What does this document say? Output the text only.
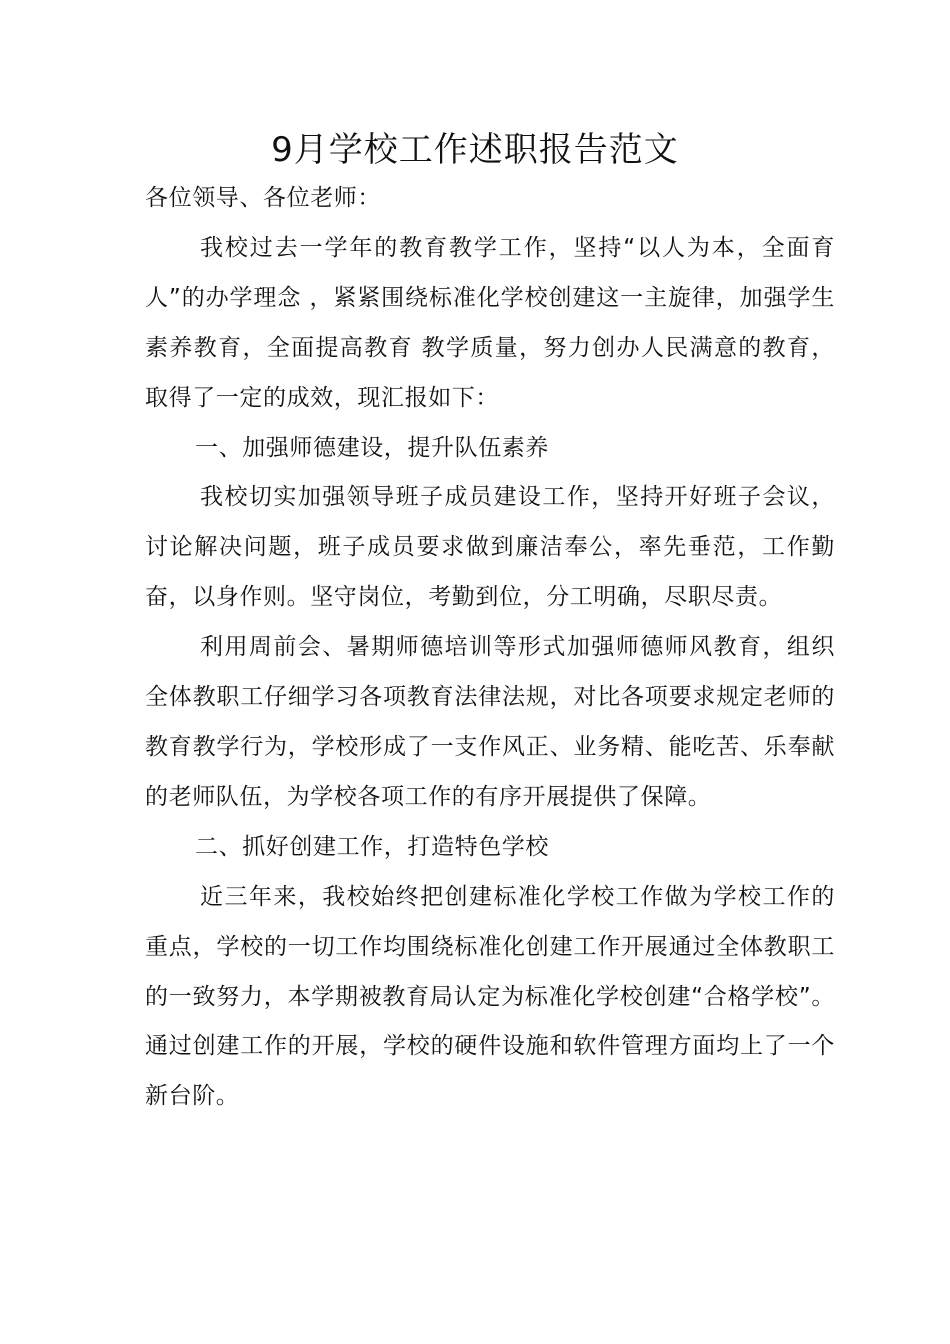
9月学校工作述职报告范文

各位领导、各位老师：

我校过去一学年的教育教学工作，坚持“以人为本，全面育人”的办学理念 ，紧紧围绕标准化学校创建这一主旋律，加强学生素养教育，全面提高教育 教学质量，努力创办人民满意的教育，取得了一定的成效，现汇报如下：

一、加强师德建设，提升队伍素养

我校切实加强领导班子成员建设工作，坚持开好班子会议，讨论解决问题，班子成员要求做到廉洁奉公，率先垂范，工作勤奋，以身作则。坚守岗位，考勤到位，分工明确，尽职尽责。

利用周前会、暑期师德培训等形式加强师德师风教育，组织全体教职工仔细学习各项教育法律法规，对比各项要求规定老师的教育教学行为，学校形成了一支作风正、业务精、能吃苦、乐奉献的老师队伍，为学校各项工作的有序开展提供了保障。

二、抓好创建工作，打造特色学校

近三年来，我校始终把创建标准化学校工作做为学校工作的重点，学校的一切工作均围绕标准化创建工作开展通过全体教职工的一致努力，本学期被教育局认定为标准化学校创建“合格学校”。通过创建工作的开展，学校的硬件设施和软件管理方面均上了一个新台阶。
